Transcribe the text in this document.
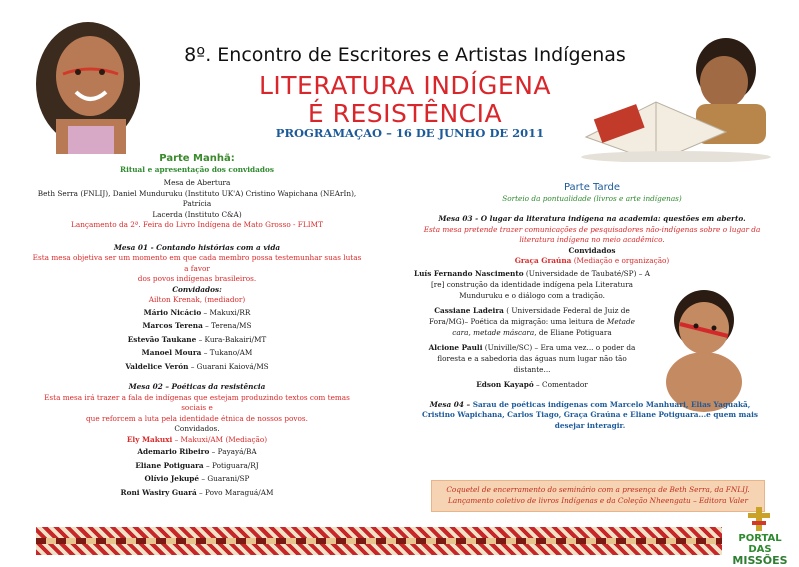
8º. Encontro de Escritores e Artistas Indígenas
LITERATURA INDÍGENA
É RESISTÊNCIA
PROGRAMAÇAO – 16 DE JUNHO DE 2011
Parte Manhã:
Ritual e apresentação dos convidados
Mesa de Abertura
Beth Serra (FNLIJ), Daniel Munduruku (Instituto UK'A) Cristino Wapichana (NEArIn), Patrícia
Lacerda (Instituto C&A)
Lançamento da 2ª. Feira do Livro Indígena de Mato Grosso - FLIMT
Mesa 01 - Contando histórias com a vida
Esta mesa objetiva ser um momento em que cada membro possa testemunhar suas lutas a favor
dos povos indígenas brasileiros.
Convidados:
Ailton Krenak, (mediador)
Mário Nicácio – Makuxi/RR
Marcos Terena – Terena/MS
Estevão Taukane – Kura-Bakairi/MT
Manoel Moura – Tukano/AM
Valdelice Verón – Guarani Kaiová/MS
Mesa 02 – Poéticas da resistência
Esta mesa irá trazer a fala de indígenas que estejam produzindo textos com temas sociais e
que reforcem a luta pela identidade étnica de nossos povos.
Convidados.
Ely Makuxi – Makuxi/AM (Mediação)
Ademario Ribeiro – Payayá/BA
Eliane Potiguara – Potiguara/RJ
Olívio Jekupé – Guarani/SP
Roni Wasiry Guará – Povo Maraguá/AM
Parte Tarde
Sorteio da pontualidade (livros e arte indígenas)
Mesa 03 - O lugar da literatura indígena na academia: questões em aberto.
Esta mesa pretende trazer comunicações de pesquisadores não-indígenas sobre o lugar da
literatura indígena no meio acadêmico.
Convidados
Graça Graúna (Mediação e organização)
Luís Fernando Nascimento (Universidade de Taubaté/SP) – A
[re] construção da identidade indígena pela Literatura
Munduruku e o diálogo com a tradição.
Cassiane Ladeira ( Universidade Federal de Juiz de
Fora/MG)– Poética da migração: uma leitura de Metade
cara, metade máscara, de Eliane Potiguara
Alcione Pauli (Univille/SC) – Era uma vez... o poder da
floresta e a sabedoria das águas num lugar não tão
distante...
Edson Kayapó – Comentador
Mesa 04 – Sarau de poéticas indígenas com Marcelo Manhuari, Elias Yaguakã,
Cristino Wapichana, Carlos Tiago, Graça Graúna e Eliane Potiguara...e quem mais
desejar interagir.
Coquetel de encerramento do seminário com a presença de Beth Serra, da FNLIJ.
Lançamento coletivo de livros Indígenas e da Coleção Nheengatu – Editora Valer
PORTAL DAS
MISSÕES
